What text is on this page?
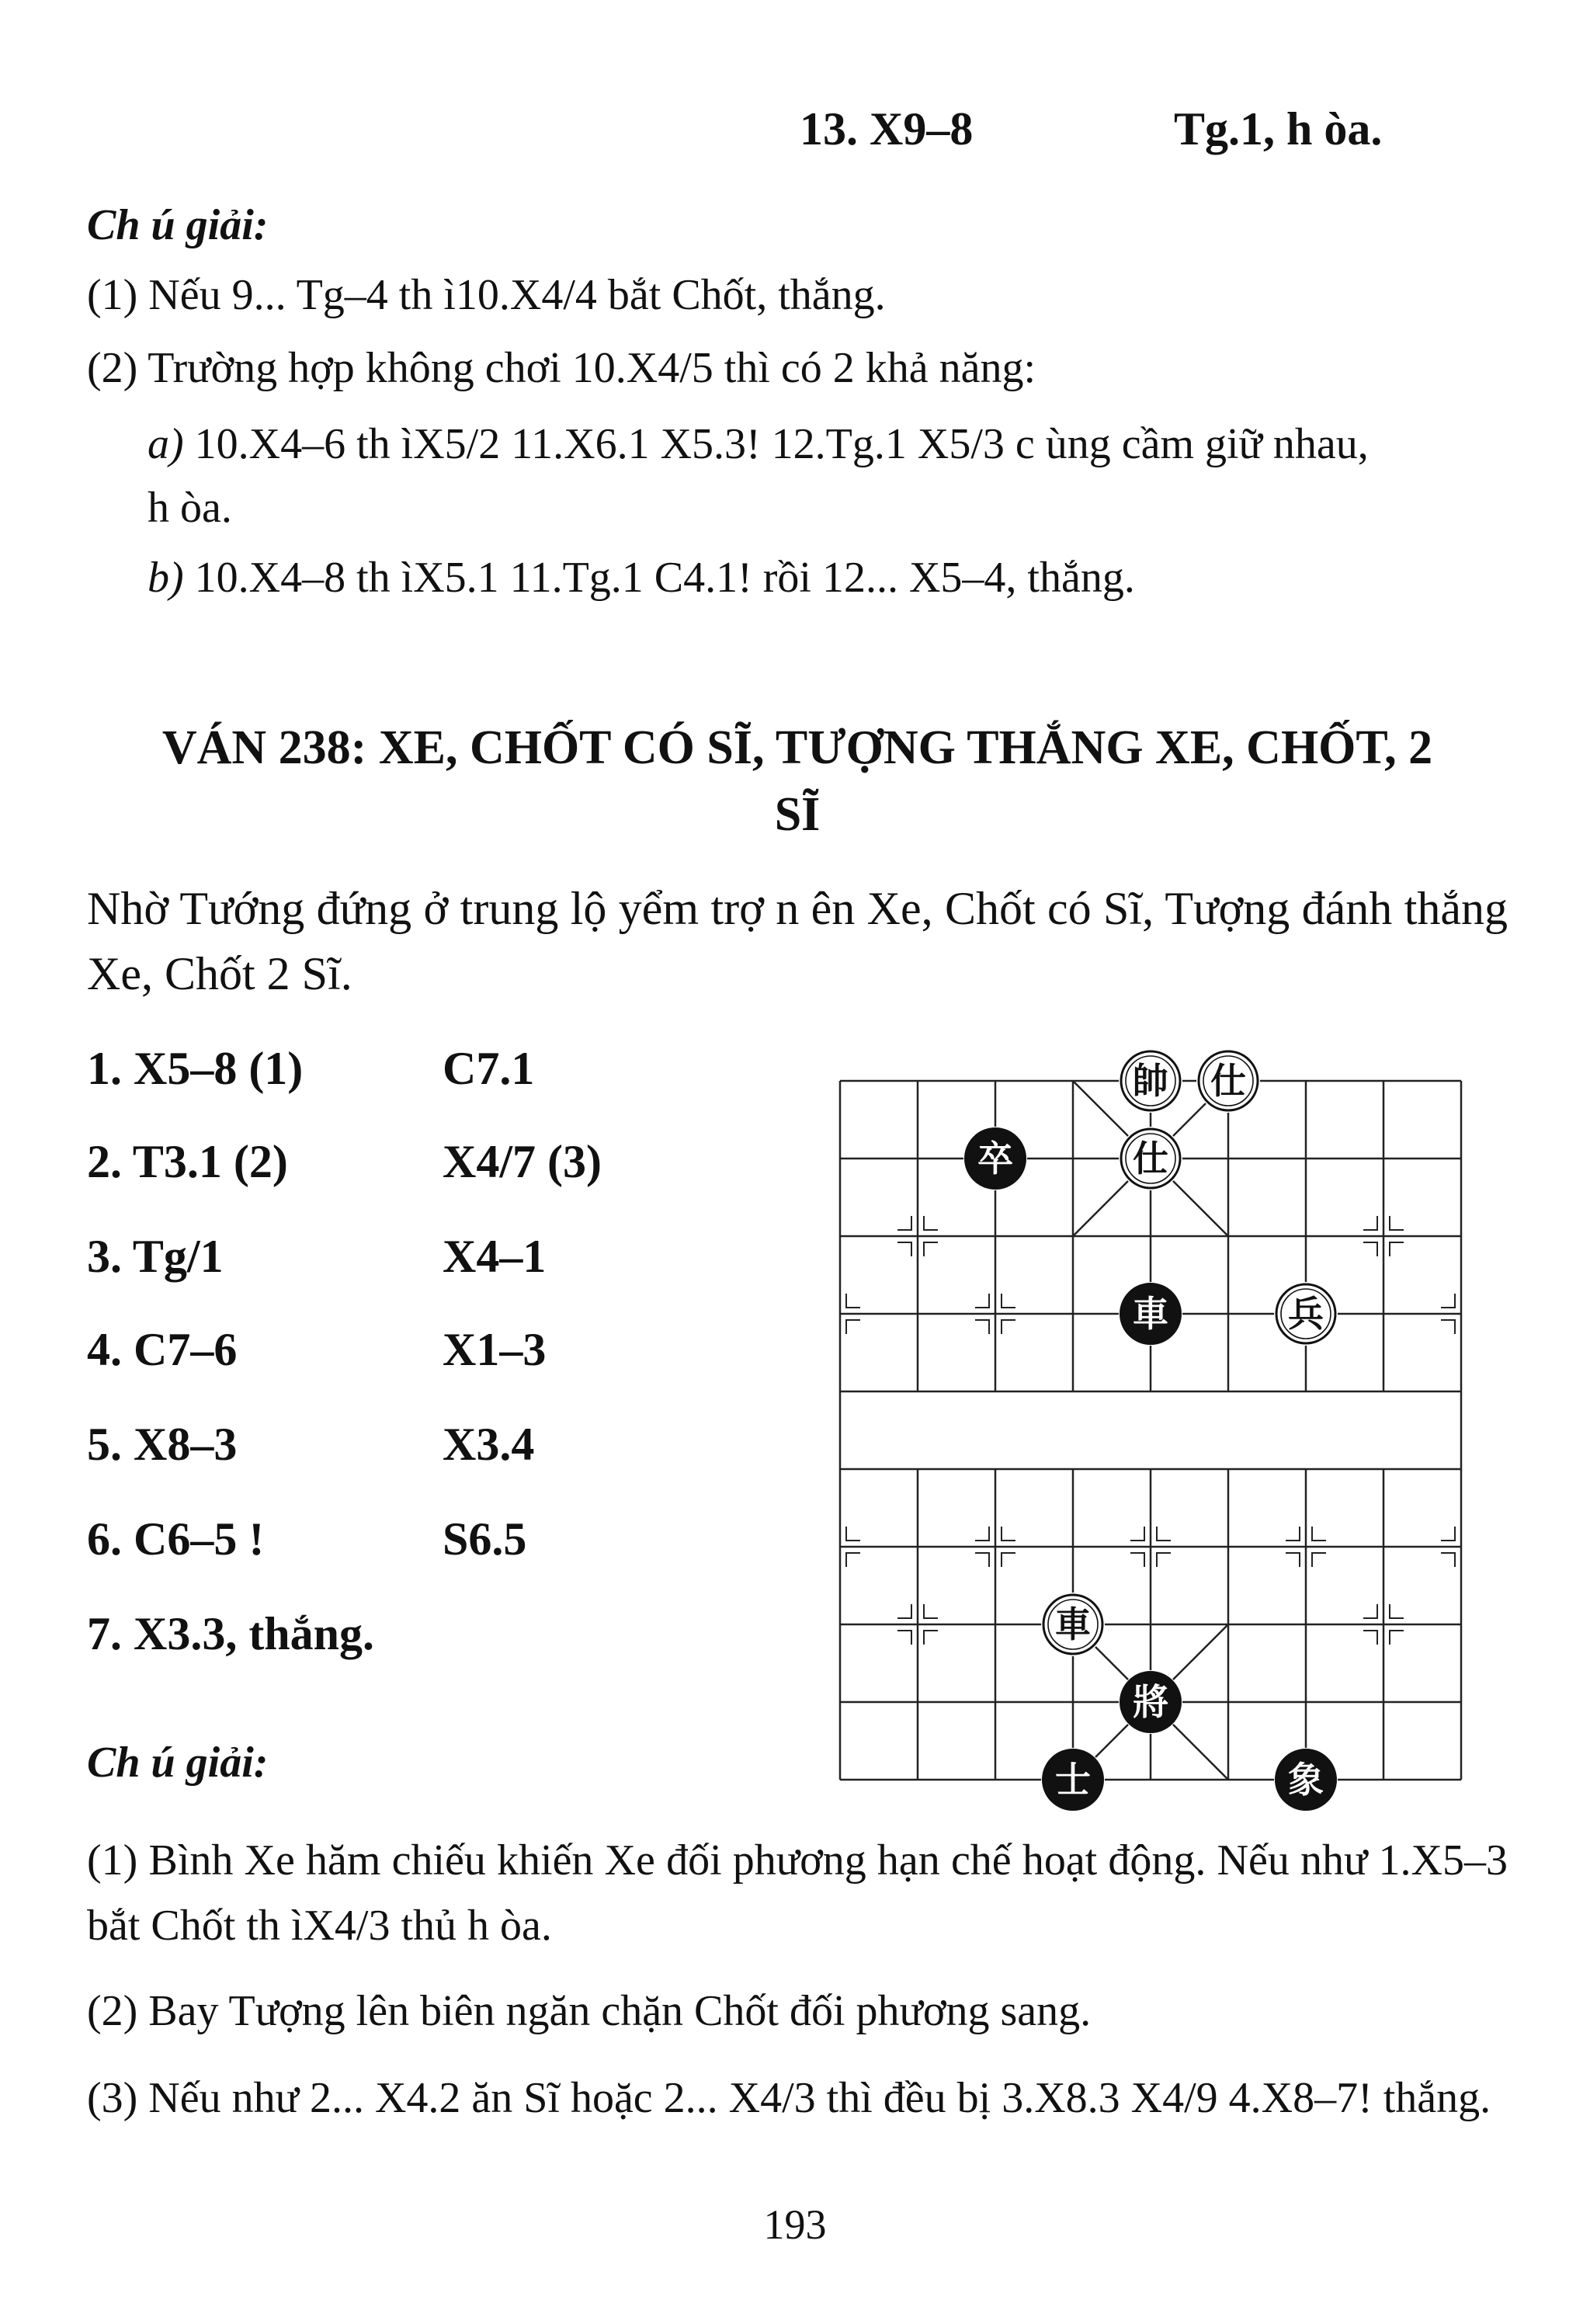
13. X9–8	Tg.1, h òa.
Ch ú giải:
(1) Nếu 9... Tg–4 th ì10.X4/4 bắt Chốt, thắng.
(2) Trường hợp không chơi 10.X4/5 thì có 2 khả năng:
a) 10.X4–6 th ìX5/2 11.X6.1 X5.3! 12.Tg.1 X5/3 c ùng cầm giữ nhau,
h òa.
b) 10.X4–8 th ìX5.1 11.Tg.1 C4.1! rồi 12... X5–4, thắng.
VÁN 238: XE, CHỐT CÓ SĨ, TƯỢNG THẮNG XE, CHỐT, 2
SĨ
Nhờ Tướng đứng ở trung lộ yểm trợ n ên Xe, Chốt có Sĩ, Tượng đánh thắng Xe, Chốt 2 Sĩ.
1. X5–8 (1)	C7.1
2. T3.1 (2)	X4/7 (3)
3. Tg/1	X4–1
4. C7–6	X1–3
5. X8–3	X3.4
6. C6–5 !	S6.5
7. X3.3, thắng.
帥 仕
卒	仕
車	兵
車
將
士	象
Ch ú giải:
(1) Bình Xe hăm chiếu khiến Xe đối phương hạn chế hoạt động. Nếu như 1.X5–3 bắt Chốt th ìX4/3 thủ h òa.
(2) Bay Tượng lên biên ngăn chặn Chốt đối phương sang.
(3) Nếu như 2... X4.2 ăn Sĩ hoặc 2... X4/3 thì đều bị 3.X8.3 X4/9 4.X8–7! thắng.
193
